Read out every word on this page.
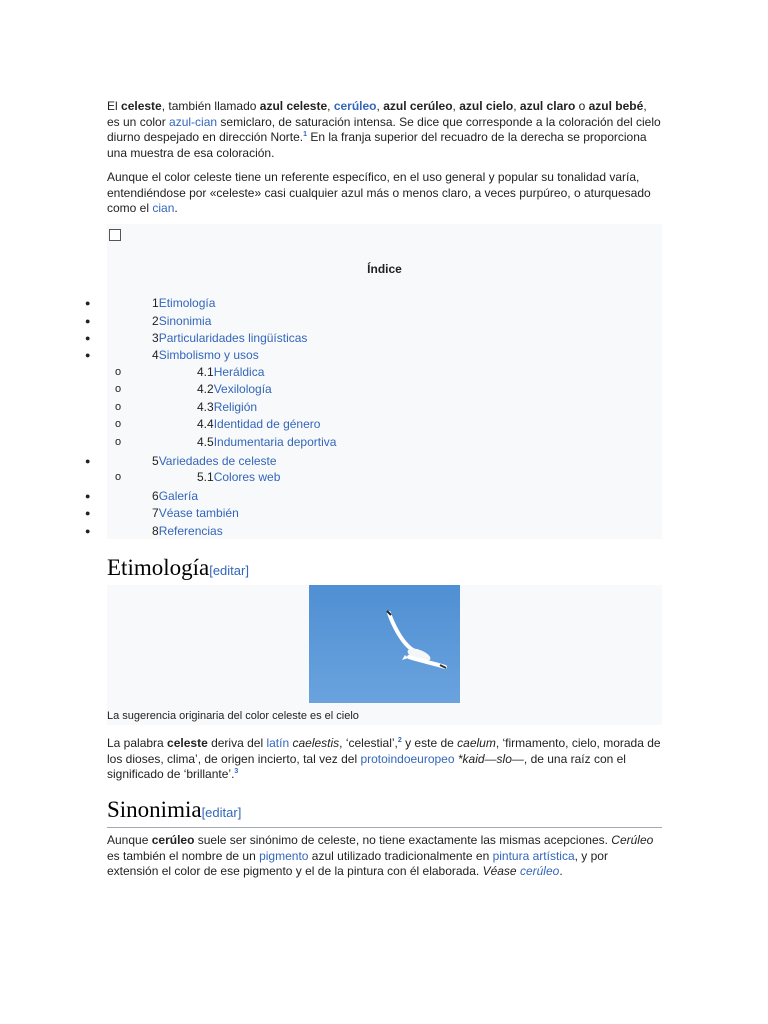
El celeste, también llamado azul celeste, cerúleo, azul cerúleo, azul cielo, azul claro o azul bebé, es un color azul-cian semiclaro, de saturación intensa. Se dice que corresponde a la coloración del cielo diurno despejado en dirección Norte.$^1$ En la franja superior del recuadro de la derecha se proporciona una muestra de esa coloración.

Aunque el color celeste tiene un referente específico, en el uso general y popular su tonalidad varía, entendiéndose por «celeste» casi cualquier azul más o menos claro, a veces purpúreo, o aturquesado como el cian.

Índice
●	1Etimología
●	2Sinonimia
●	3Particularidades lingüísticas
●	4Simbolismo y usos
o	4.1Heráldica
o	4.2Vexilología
o	4.3Religión
o	4.4Identidad de género
o	4.5Indumentaria deportiva
●	5Variedades de celeste
o	5.1Colores web
●	6Galería
●	7Véase también
●	8Referencias
Etimología[editar]
La sugerencia originaria del color celeste es el cielo

La palabra celeste deriva del latín caelestis, ‘celestial’,$^2$ y este de caelum, ‘firmamento, cielo, morada de los dioses, clima’, de origen incierto, tal vez del protoindoeuropeo *kaid—slo—, de una raíz con el significado de ‘brillante’.$^3$

Sinonimia[editar]

Aunque cerúleo suele ser sinónimo de celeste, no tiene exactamente las mismas acepciones. Cerúleo es también el nombre de un pigmento azul utilizado tradicionalmente en pintura artística, y por extensión el color de ese pigmento y el de la pintura con él elaborada. Véase cerúleo.
